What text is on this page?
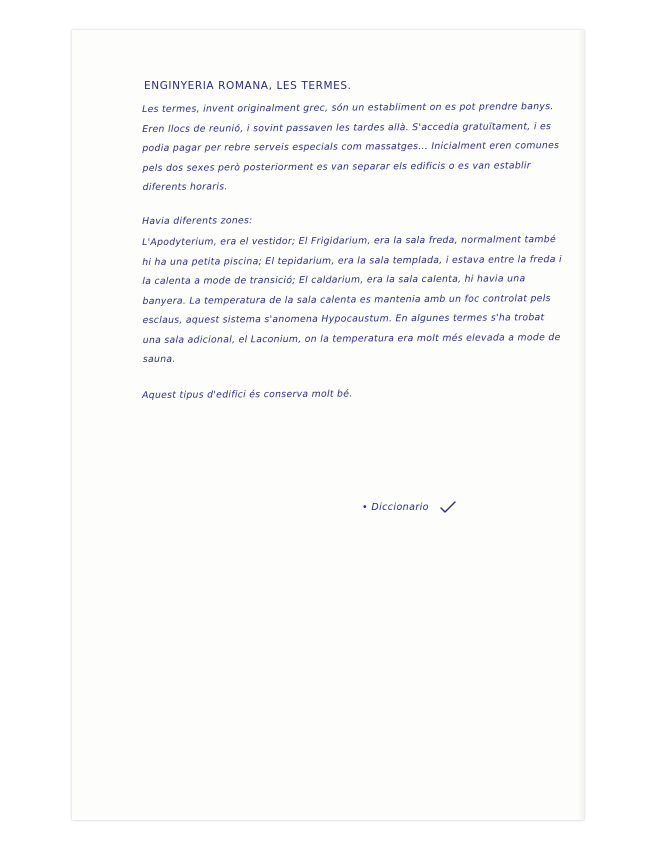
ENGINYERIA ROMANA, LES TERMES.

Les termes, invent originalment grec, són un establiment on es pot prendre banys. Eren llocs de reunió, i sovint passaven les tardes allà. S'accedia gratuïtament, i es podia pagar per rebre serveis especials com massatges... Inicialment eren comunes pels dos sexes però posteriorment es van separar els edificis o es van establir diferents horaris.

Havia diferents zones:

L'Apodyterium, era el vestidor; El Frigidarium, era la sala freda, normalment també hi ha una petita piscina; El tepidarium, era la sala templada, i estava entre la freda i la calenta a mode de transició; El caldarium, era la sala calenta, hi havia una banyera. La temperatura de la sala calenta es mantenia amb un foc controlat pels esclaus, aquest sistema s'anomena Hypocaustum. En algunes termes s'ha trobat una sala adicional, el Laconium, on la temperatura era molt més elevada a mode de sauna.

Aquest tipus d'edifici és conserva molt bé.

• Diccionario
